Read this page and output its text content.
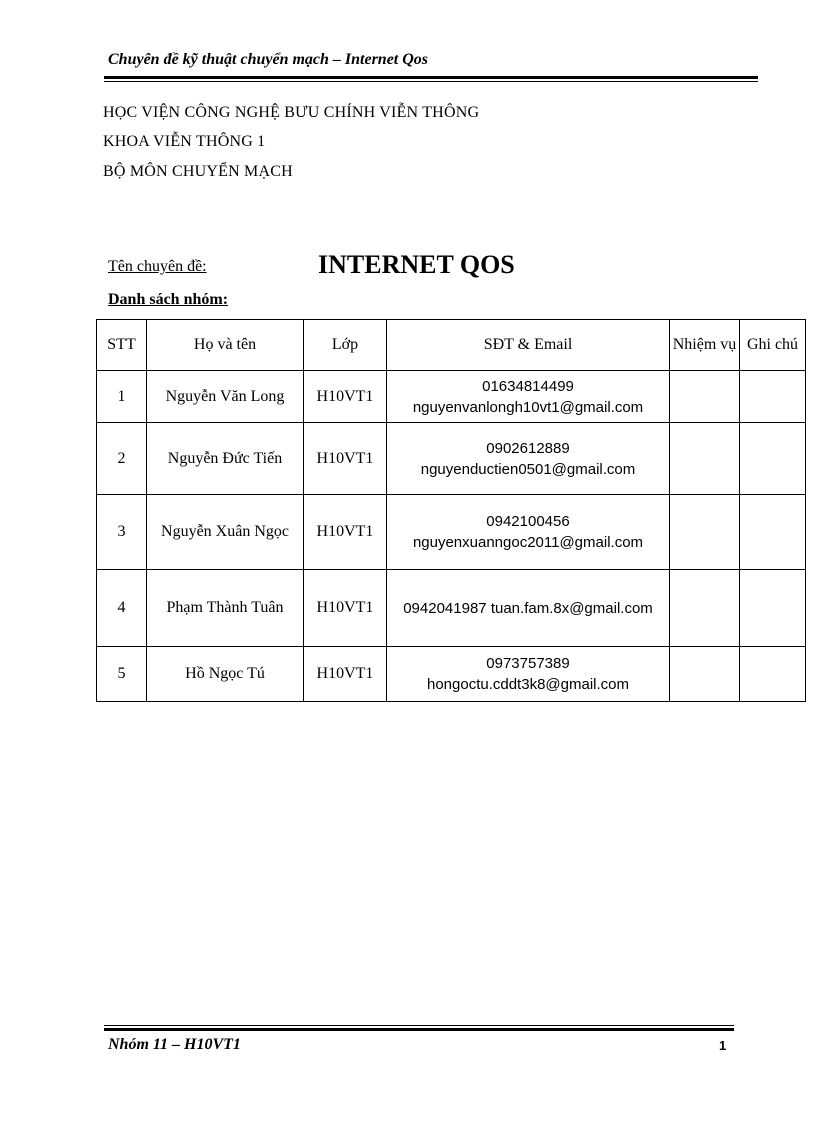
Chuyên đề kỹ thuật chuyển mạch – Internet Qos
HỌC VIỆN CÔNG NGHỆ BƯU CHÍNH VIỄN THÔNG
KHOA VIỄN THÔNG 1
BỘ MÔN CHUYỂN MẠCH
Tên chuyên đề:	INTERNET QOS
Danh sách nhóm:
STT	Họ và tên	Lớp	SĐT & Email	Nhiệm vụ	Ghi chú
1	Nguyễn Văn Long	H10VT1	01634814499
nguyenvanlongh10vt1@gmail.com		
2	Nguyễn Đức Tiến	H10VT1	0902612889
nguyenductien0501@gmail.com		
3	Nguyễn Xuân Ngọc	H10VT1	0942100456
nguyenxuanngoc2011@gmail.com		
4	Phạm Thành Tuân	H10VT1	0942041987 tuan.fam.8x@gmail.com		
5	Hồ Ngọc Tú	H10VT1	0973757389
hongoctu.cddt3k8@gmail.com		
Nhóm 11 – H10VT1	1
